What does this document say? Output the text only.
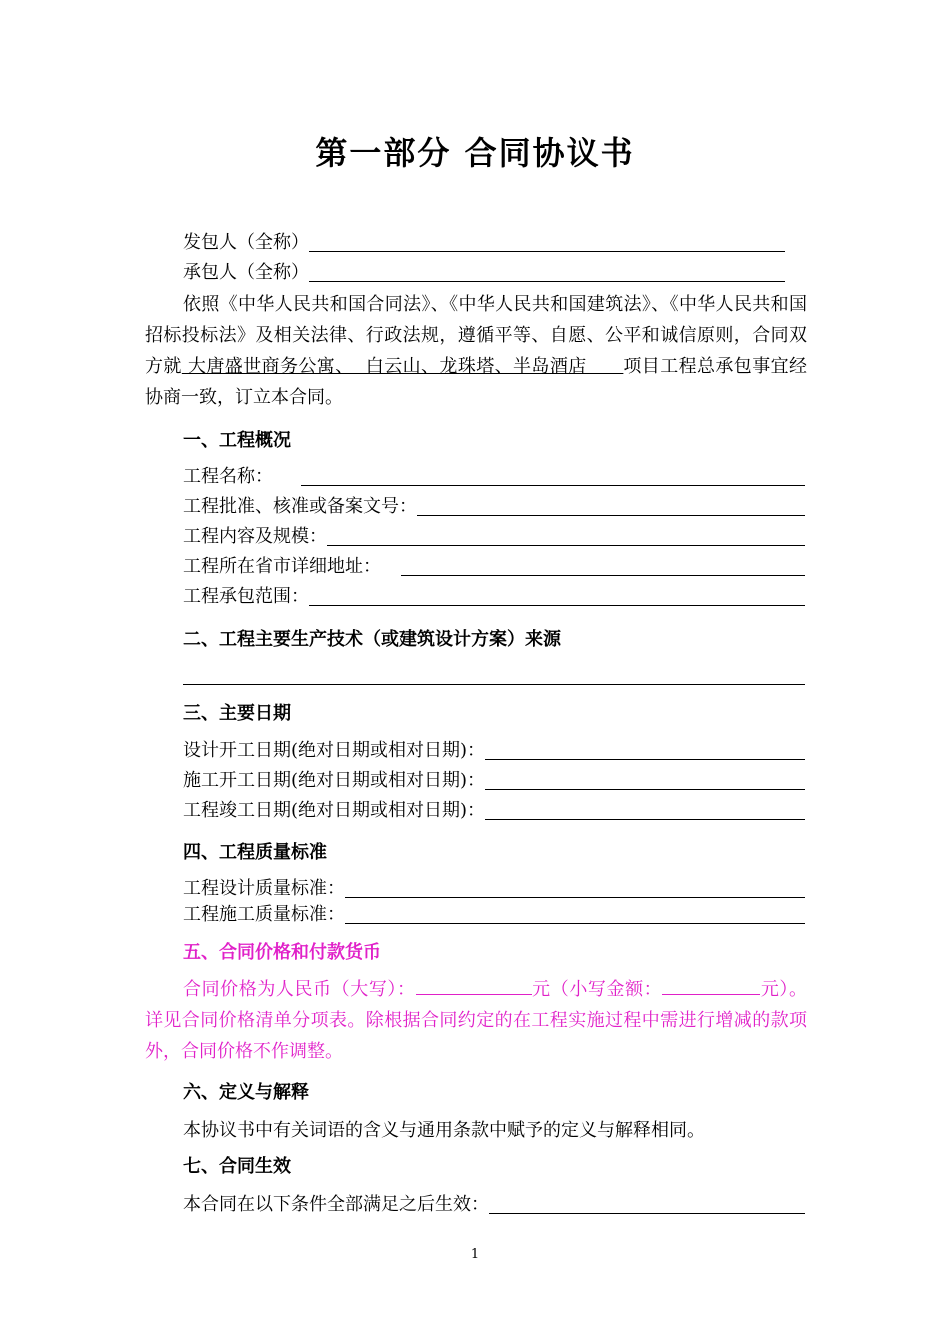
第一部分 合同协议书
发包人（全称）
承包人（全称）
依照《中华人民共和国合同法》、《中华人民共和国建筑法》、《中华人民共和国招标投标法》及相关法律、行政法规，遵循平等、自愿、公平和诚信原则，合同双方就 大唐盛世商务公寓、  白云山、龙珠塔、半岛酒店      项目工程总承包事宜经协商一致，订立本合同。
一、工程概况
工程名称：
工程批准、核准或备案文号：
工程内容及规模：
工程所在省市详细地址：
工程承包范围：
二、工程主要生产技术（或建筑设计方案）来源
三、主要日期
设计开工日期(绝对日期或相对日期)：
施工开工日期(绝对日期或相对日期)：
工程竣工日期(绝对日期或相对日期)：
四、工程质量标准
工程设计质量标准：
工程施工质量标准：
五、合同价格和付款货币
合同价格为人民币（大写）：	元（小写金额：	元）。详见合同价格清单分项表。除根据合同约定的在工程实施过程中需进行增减的款项外，合同价格不作调整。
六、定义与解释
本协议书中有关词语的含义与通用条款中赋予的定义与解释相同。
七、合同生效
本合同在以下条件全部满足之后生效：
1
